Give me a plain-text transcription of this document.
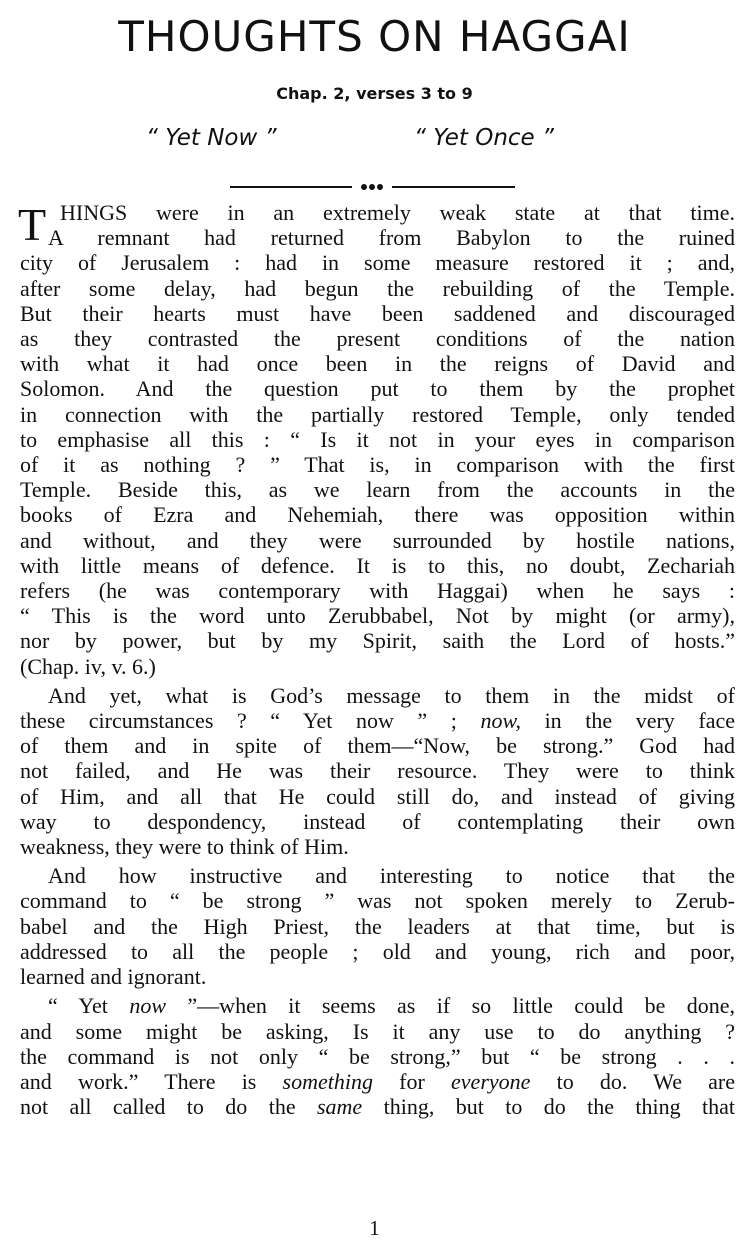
THOUGHTS ON HAGGAI
Chap. 2, verses 3 to 9
“ Yet Now ”	“ Yet Once ”
T HINGS were in an extremely weak state at that time.
A remnant had returned from Babylon to the ruined
city of Jerusalem : had in some measure restored it ; and,
after some delay, had begun the rebuilding of the Temple.
But their hearts must have been saddened and discouraged
as they contrasted the present conditions of the nation
with what it had once been in the reigns of David and
Solomon. And the question put to them by the prophet
in connection with the partially restored Temple, only tended
to emphasise all this : “ Is it not in your eyes in comparison
of it as nothing ? ” That is, in comparison with the first
Temple. Beside this, as we learn from the accounts in the
books of Ezra and Nehemiah, there was opposition within
and without, and they were surrounded by hostile nations,
with little means of defence. It is to this, no doubt, Zechariah
refers (he was contemporary with Haggai) when he says :
“ This is the word unto Zerubbabel, Not by might (or army),
nor by power, but by my Spirit, saith the Lord of hosts.”
(Chap. iv, v. 6.)
And yet, what is God’s message to them in the midst of
these circumstances ? “ Yet now ” ; now, in the very face
of them and in spite of them—“Now, be strong.” God had
not failed, and He was their resource. They were to think
of Him, and all that He could still do, and instead of giving
way to despondency, instead of contemplating their own
weakness, they were to think of Him.
And how instructive and interesting to notice that the
command to “ be strong ” was not spoken merely to Zerub-
babel and the High Priest, the leaders at that time, but is
addressed to all the people ; old and young, rich and poor,
learned and ignorant.
“ Yet now ”—when it seems as if so little could be done,
and some might be asking, Is it any use to do anything ?
the command is not only “ be strong,” but “ be strong . . .
and work.” There is something for everyone to do. We are
not all called to do the same thing, but to do the thing that
1
